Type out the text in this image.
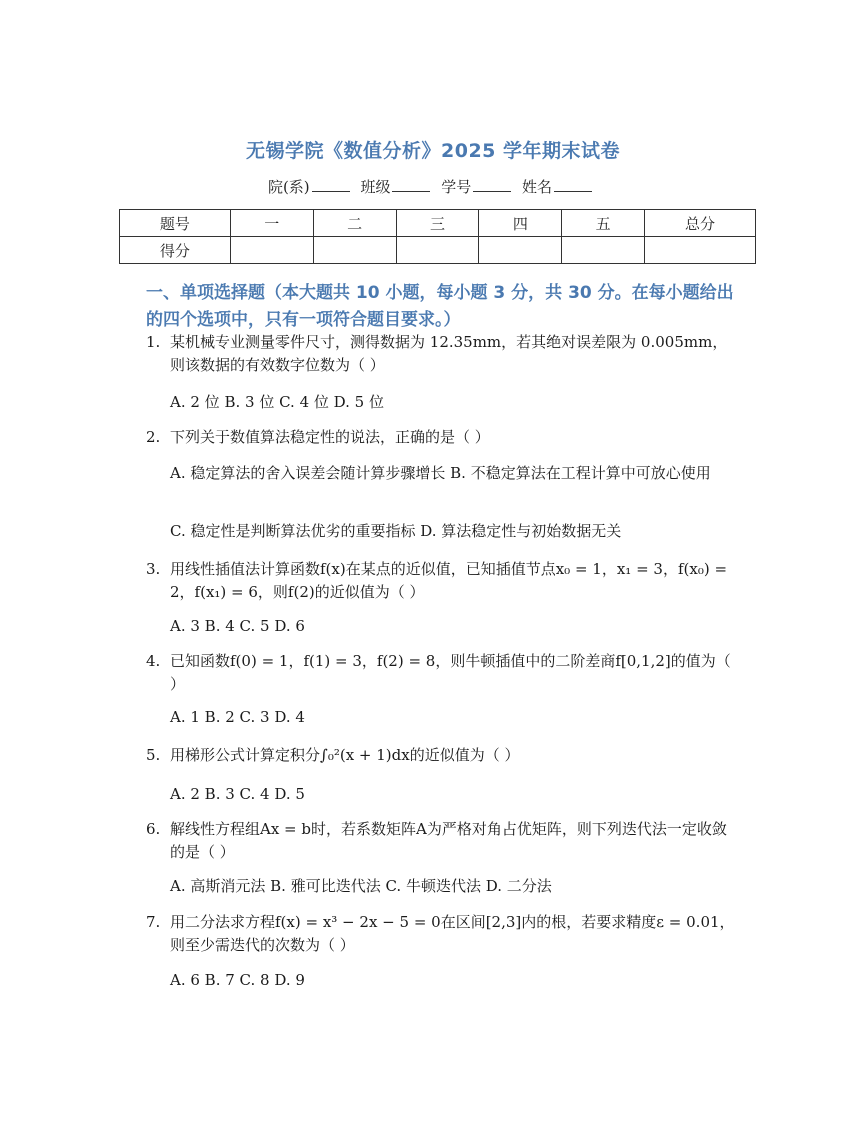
无锡学院《数值分析》2025 学年期末试卷
院(系)	班级	学号	姓名
题号	一	二	三	四	五	总分
得分						
一、单项选择题（本大题共 10 小题，每小题 3 分，共 30 分。在每小题给出的四个选项中，只有一项符合题目要求。）
1. 某机械专业测量零件尺寸，测得数据为 12.35mm，若其绝对误差限为 0.005mm，则该数据的有效数字位数为（ ）
A. 2 位 B. 3 位 C. 4 位 D. 5 位
2. 下列关于数值算法稳定性的说法，正确的是（ ）
A. 稳定算法的舍入误差会随计算步骤增长 B. 不稳定算法在工程计算中可放心使用
C. 稳定性是判断算法优劣的重要指标 D. 算法稳定性与初始数据无关
3. 用线性插值法计算函数f(x)在某点的近似值，已知插值节点x₀ = 1，x₁ = 3，f(x₀) = 2，f(x₁) = 6，则f(2)的近似值为（ ）
A. 3 B. 4 C. 5 D. 6
4. 已知函数f(0) = 1，f(1) = 3，f(2) = 8，则牛顿插值中的二阶差商f[0,1,2]的值为（ ）
A. 1 B. 2 C. 3 D. 4
5. 用梯形公式计算定积分∫₀²(x + 1)dx的近似值为（ ）
A. 2 B. 3 C. 4 D. 5
6. 解线性方程组Ax = b时，若系数矩阵A为严格对角占优矩阵，则下列迭代法一定收敛的是（ ）
A. 高斯消元法 B. 雅可比迭代法 C. 牛顿迭代法 D. 二分法
7. 用二分法求方程f(x) = x³ − 2x − 5 = 0在区间[2,3]内的根，若要求精度ε = 0.01，则至少需迭代的次数为（ ）
A. 6 B. 7 C. 8 D. 9
